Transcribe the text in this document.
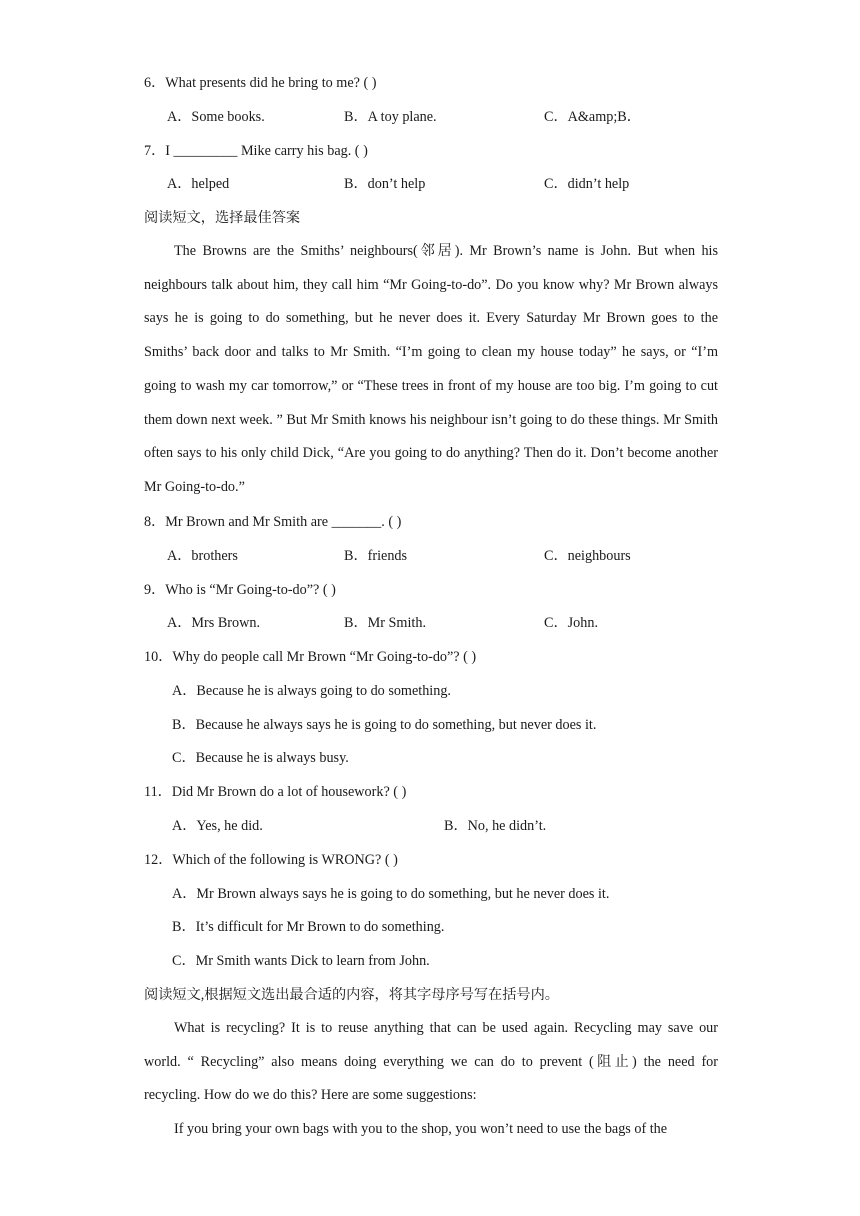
6．What presents did he bring to me? ( )
A．Some books.	B．A toy plane.	C．A&amp;B．
7．I _________ Mike carry his bag. ( )
A．helped	B．don’t help	C．didn’t help
阅读短文，选择最佳答案

The Browns are the Smiths’ neighbours(邻居). Mr Brown’s name is John. But when his neighbours talk about him, they call him “Mr Going-to-do”. Do you know why? Mr Brown always says he is going to do something, but he never does it. Every Saturday Mr Brown goes to the Smiths’ back door and talks to Mr Smith. “I’m going to clean my house today” he says, or “I’m going to wash my car tomorrow,” or “These trees in front of my house are too big. I’m going to cut them down next week. ” But Mr Smith knows his neighbour isn’t going to do these things. Mr Smith often says to his only child Dick, “Are you going to do anything? Then do it. Don’t become another Mr Going-to-do.”

8．Mr Brown and Mr Smith are _______. ( )
A．brothers	B．friends	C．neighbours
9．Who is “Mr Going-to-do”? ( )
A．Mrs Brown.	B．Mr Smith.	C．John.
10．Why do people call Mr Brown “Mr Going-to-do”? ( )
A．Because he is always going to do something.
B．Because he always says he is going to do something, but never does it.
C．Because he is always busy.
11．Did Mr Brown do a lot of housework? ( )
A．Yes, he did.	B．No, he didn’t.
12．Which of the following is WRONG? ( )
A．Mr Brown always says he is going to do something, but he never does it.
B．It’s difficult for Mr Brown to do something.
C．Mr Smith wants Dick to learn from John.
阅读短文,根据短文选出最合适的内容，将其字母序号写在括号内。

What is recycling? It is to reuse anything that can be used again. Recycling may save our world. “ Recycling” also means doing everything we can do to prevent (阻止) the need for recycling. How do we do this? Here are some suggestions:

If you bring your own bags with you to the shop, you won’t need to use the bags of the
